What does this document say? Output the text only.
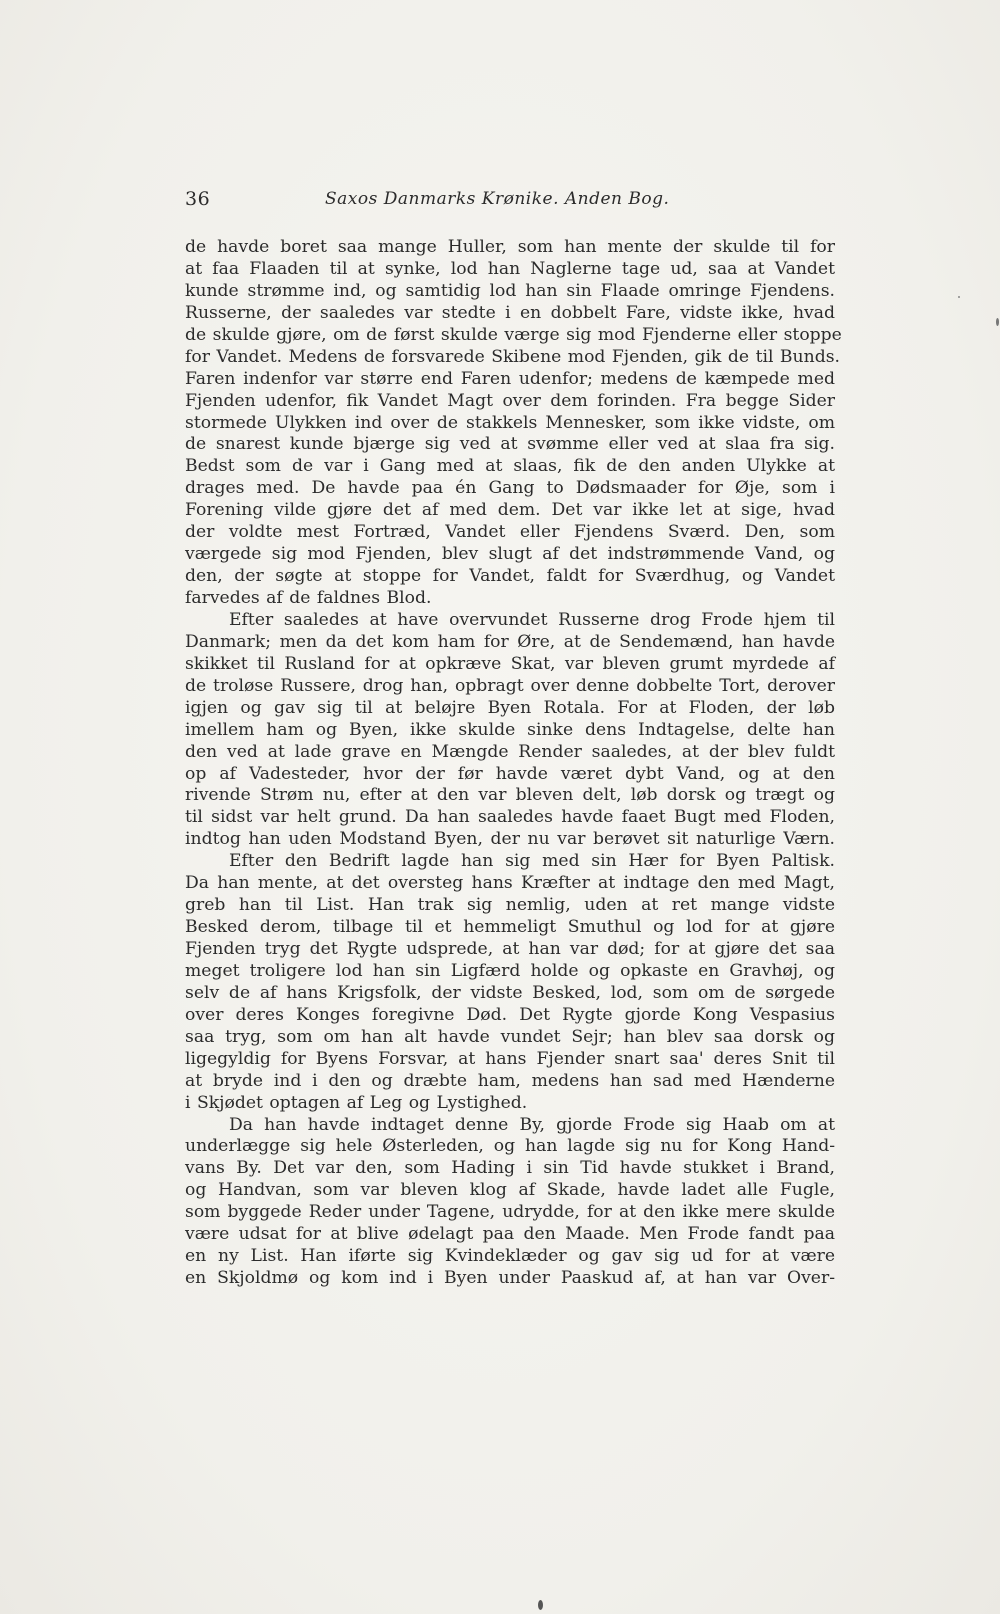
36	Saxos Danmarks Krønike. Anden Bog.
de havde boret saa mange Huller, som han mente der skulde til for
at faa Flaaden til at synke, lod han Naglerne tage ud, saa at Vandet
kunde strømme ind, og samtidig lod han sin Flaade omringe Fjendens.
Russerne, der saaledes var stedte i en dobbelt Fare, vidste ikke, hvad
de skulde gjøre, om de først skulde værge sig mod Fjenderne eller stoppe
for Vandet. Medens de forsvarede Skibene mod Fjenden, gik de til Bunds.
Faren indenfor var større end Faren udenfor; medens de kæmpede med
Fjenden udenfor, fik Vandet Magt over dem forinden. Fra begge Sider
stormede Ulykken ind over de stakkels Mennesker, som ikke vidste, om
de snarest kunde bjærge sig ved at svømme eller ved at slaa fra sig.
Bedst som de var i Gang med at slaas, fik de den anden Ulykke at
drages med. De havde paa én Gang to Dødsmaader for Øje, som i
Forening vilde gjøre det af med dem. Det var ikke let at sige, hvad
der voldte mest Fortræd, Vandet eller Fjendens Sværd. Den, som
værgede sig mod Fjenden, blev slugt af det indstrømmende Vand, og
den, der søgte at stoppe for Vandet, faldt for Sværdhug, og Vandet
farvedes af de faldnes Blod.
Efter saaledes at have overvundet Russerne drog Frode hjem til
Danmark; men da det kom ham for Øre, at de Sendemænd, han havde
skikket til Rusland for at opkræve Skat, var bleven grumt myrdede af
de troløse Russere, drog han, opbragt over denne dobbelte Tort, derover
igjen og gav sig til at beløjre Byen Rotala. For at Floden, der løb
imellem ham og Byen, ikke skulde sinke dens Indtagelse, delte han
den ved at lade grave en Mængde Render saaledes, at der blev fuldt
op af Vadesteder, hvor der før havde været dybt Vand, og at den
rivende Strøm nu, efter at den var bleven delt, løb dorsk og trægt og
til sidst var helt grund. Da han saaledes havde faaet Bugt med Floden,
indtog han uden Modstand Byen, der nu var berøvet sit naturlige Værn.
Efter den Bedrift lagde han sig med sin Hær for Byen Paltisk.
Da han mente, at det oversteg hans Kræfter at indtage den med Magt,
greb han til List. Han trak sig nemlig, uden at ret mange vidste
Besked derom, tilbage til et hemmeligt Smuthul og lod for at gjøre
Fjenden tryg det Rygte udsprede, at han var død; for at gjøre det saa
meget troligere lod han sin Ligfærd holde og opkaste en Gravhøj, og
selv de af hans Krigsfolk, der vidste Besked, lod, som om de sørgede
over deres Konges foregivne Død. Det Rygte gjorde Kong Vespasius
saa tryg, som om han alt havde vundet Sejr; han blev saa dorsk og
ligegyldig for Byens Forsvar, at hans Fjender snart saa' deres Snit til
at bryde ind i den og dræbte ham, medens han sad med Hænderne
i Skjødet optagen af Leg og Lystighed.
Da han havde indtaget denne By, gjorde Frode sig Haab om at
underlægge sig hele Østerleden, og han lagde sig nu for Kong Hand-
vans By. Det var den, som Hading i sin Tid havde stukket i Brand,
og Handvan, som var bleven klog af Skade, havde ladet alle Fugle,
som byggede Reder under Tagene, udrydde, for at den ikke mere skulde
være udsat for at blive ødelagt paa den Maade. Men Frode fandt paa
en ny List. Han iførte sig Kvindeklæder og gav sig ud for at være
en Skjoldmø og kom ind i Byen under Paaskud af, at han var Over-
